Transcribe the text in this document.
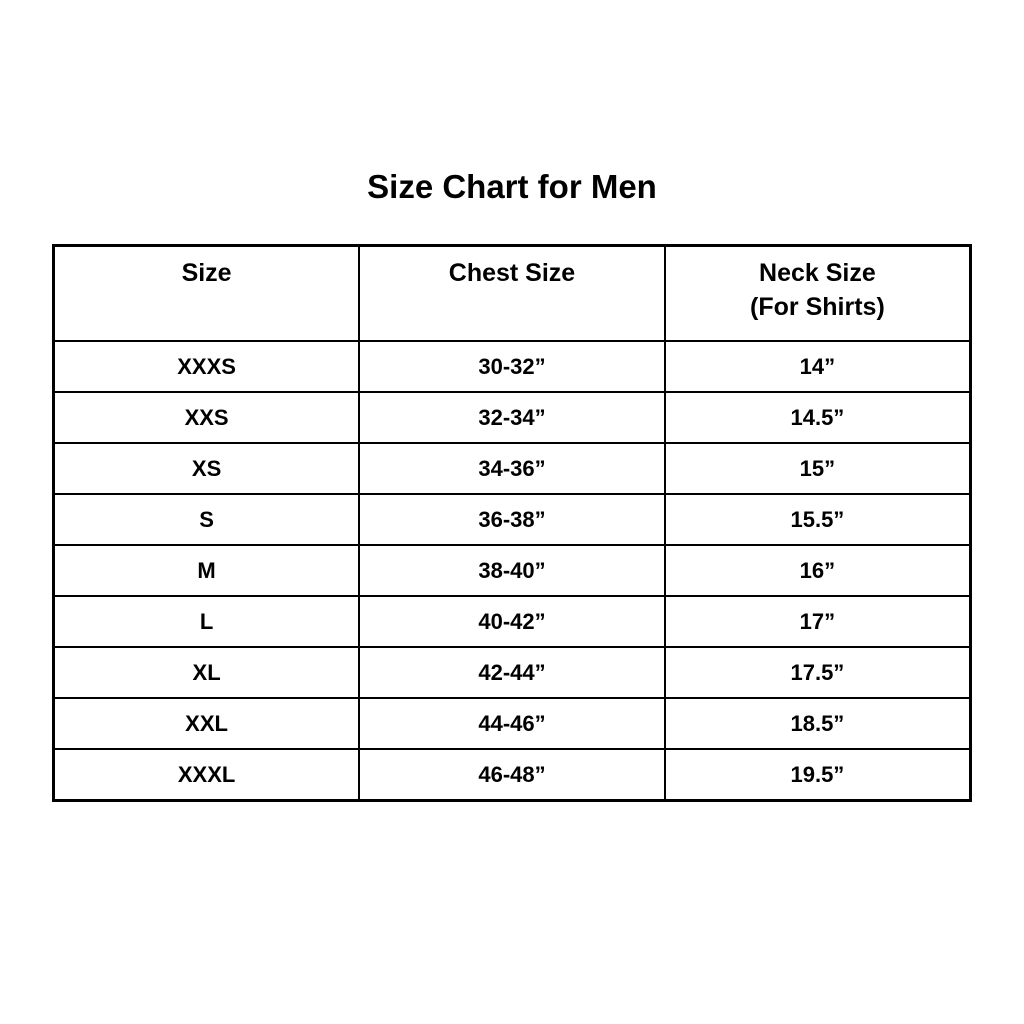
Size Chart for Men
Size	Chest Size	Neck Size
(For Shirts)
XXXS	30-32”	14”
XXS	32-34”	14.5”
XS	34-36”	15”
S	36-38”	15.5”
M	38-40”	16”
L	40-42”	17”
XL	42-44”	17.5”
XXL	44-46”	18.5”
XXXL	46-48”	19.5”
